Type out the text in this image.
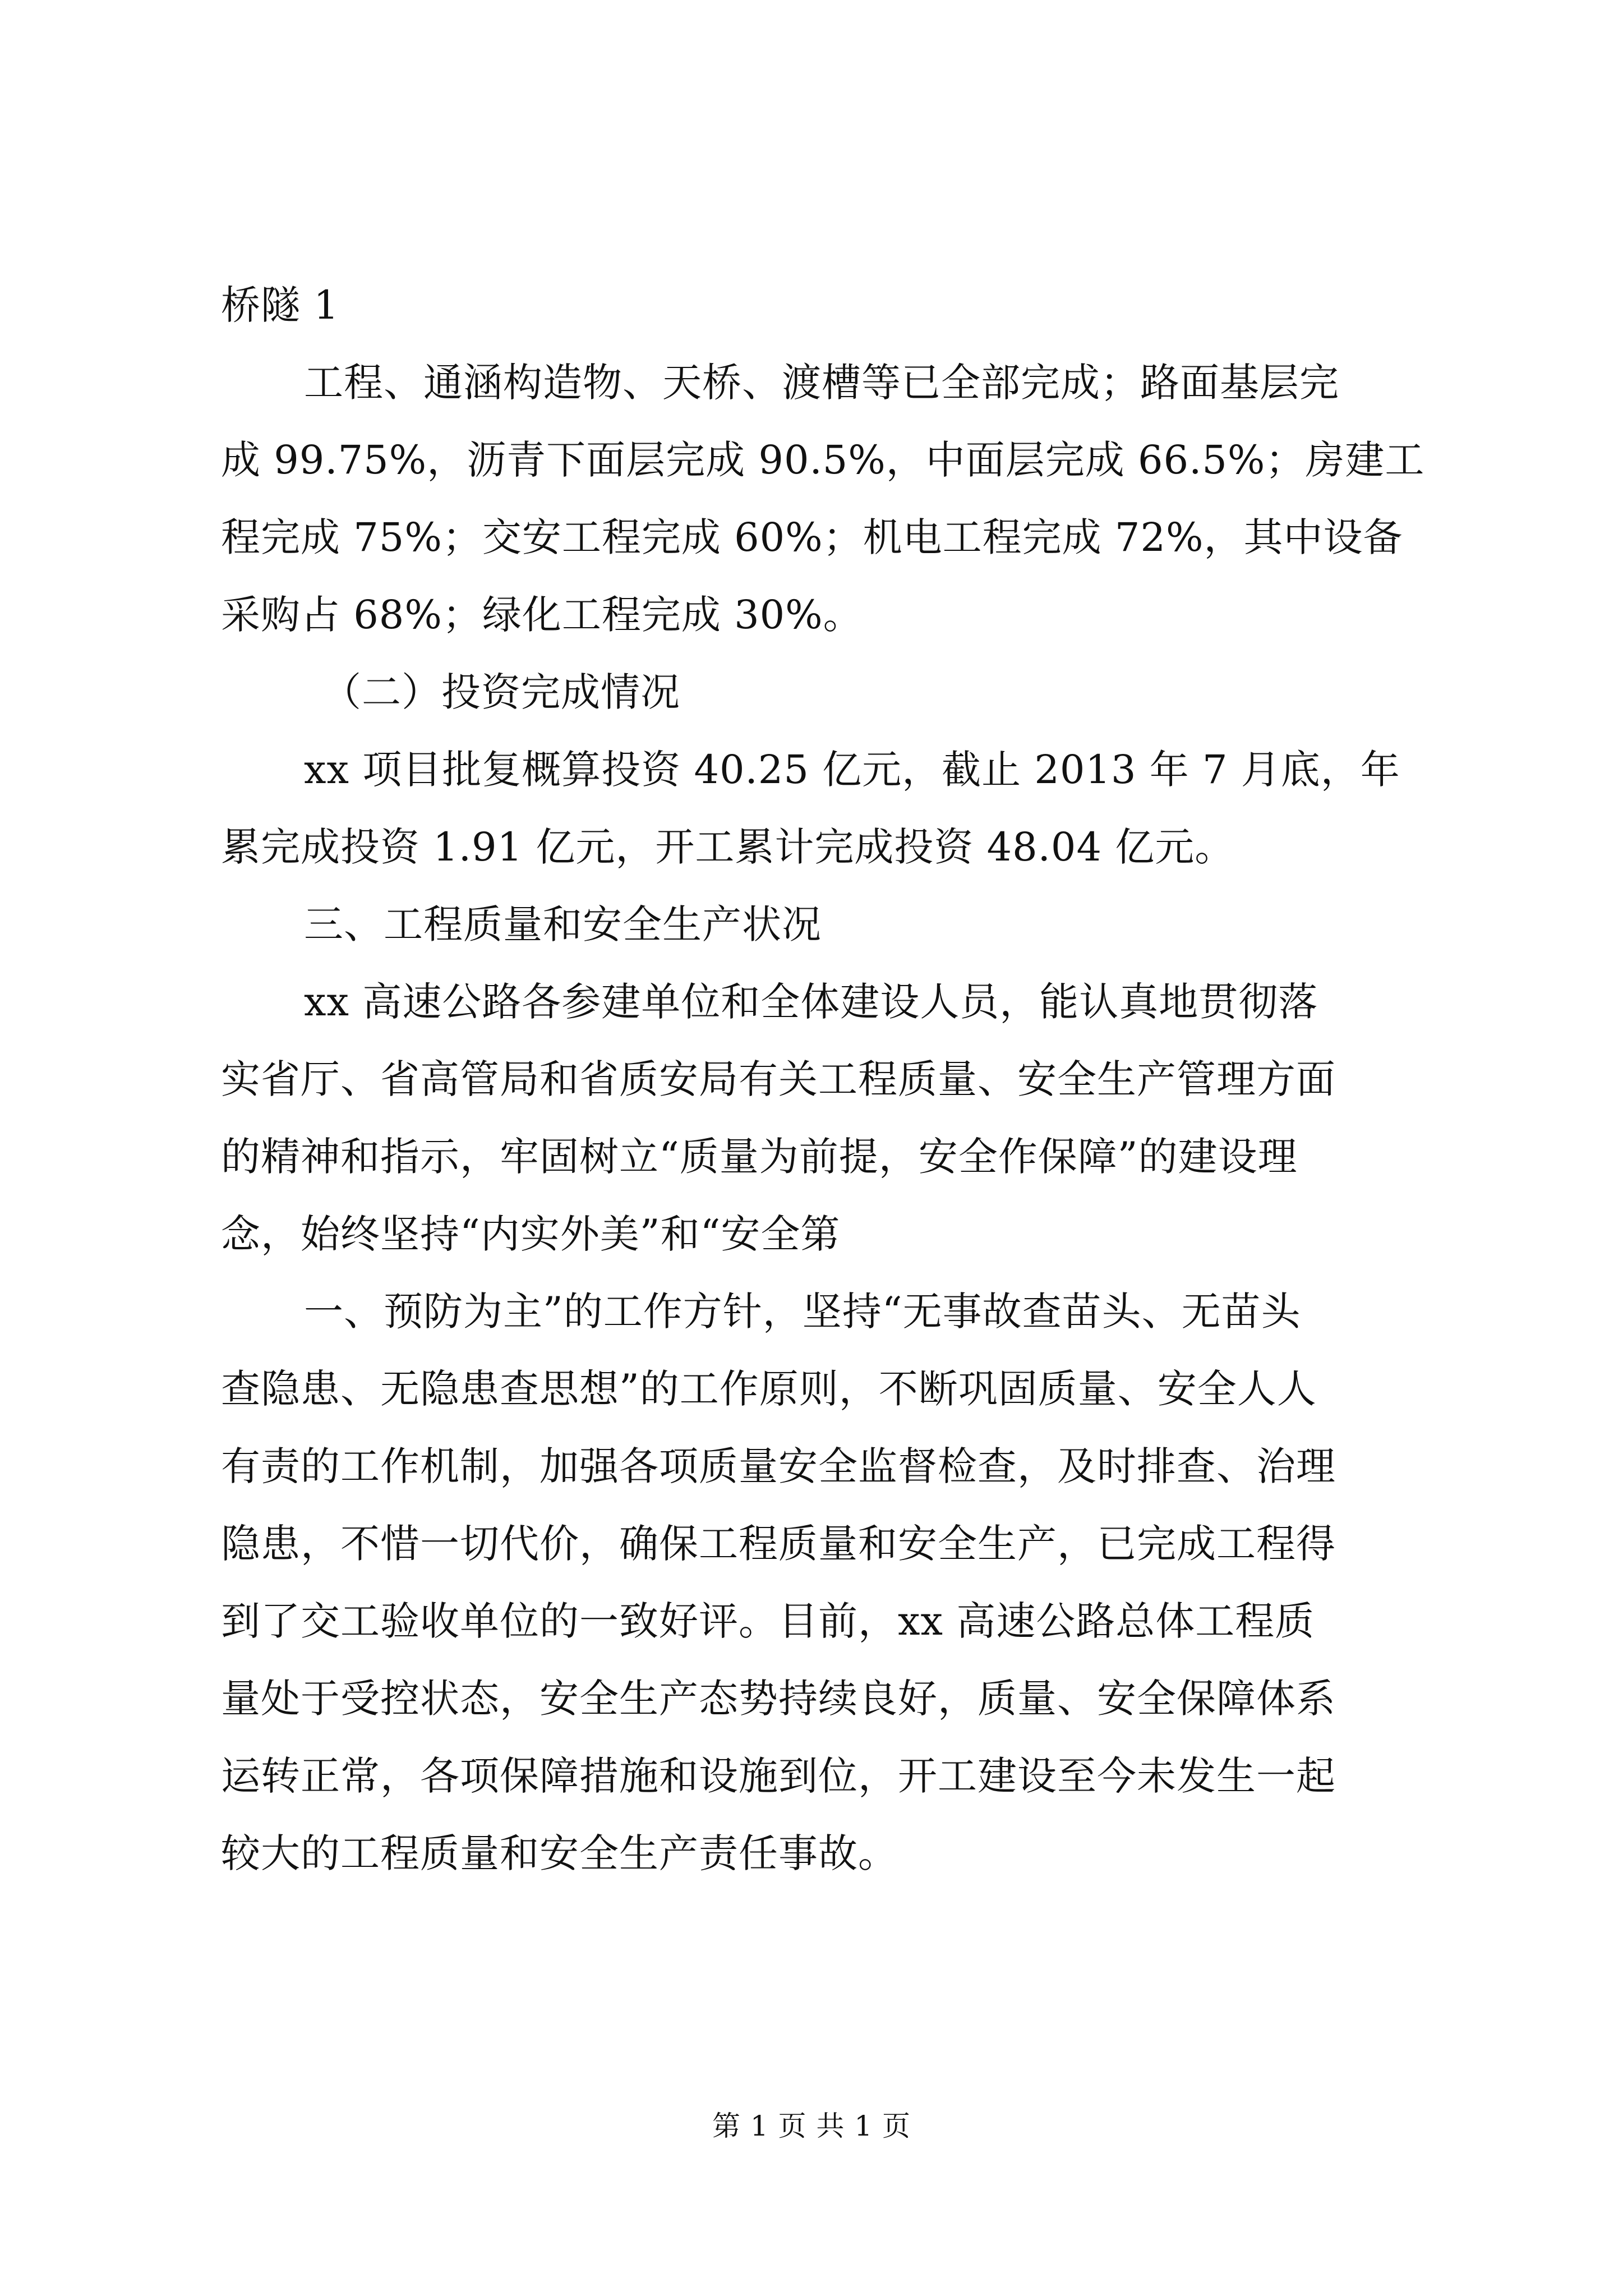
桥隧 1
工程、通涵构造物、天桥、渡槽等已全部完成；路面基层完
成 99.75%，沥青下面层完成 90.5%，中面层完成 66.5%；房建工
程完成 75%；交安工程完成 60%；机电工程完成 72%，其中设备
采购占 68%；绿化工程完成 30%。
（二）投资完成情况
xx 项目批复概算投资 40.25 亿元，截止 2013 年 7 月底，年
累完成投资 1.91 亿元，开工累计完成投资 48.04 亿元。
三、工程质量和安全生产状况
xx 高速公路各参建单位和全体建设人员，能认真地贯彻落
实省厅、省高管局和省质安局有关工程质量、安全生产管理方面
的精神和指示，牢固树立“质量为前提，安全作保障”的建设理
念，始终坚持“内实外美”和“安全第
一、预防为主”的工作方针，坚持“无事故查苗头、无苗头
查隐患、无隐患查思想”的工作原则，不断巩固质量、安全人人
有责的工作机制，加强各项质量安全监督检查，及时排查、治理
隐患，不惜一切代价，确保工程质量和安全生产，已完成工程得
到了交工验收单位的一致好评。目前，xx 高速公路总体工程质
量处于受控状态，安全生产态势持续良好，质量、安全保障体系
运转正常，各项保障措施和设施到位，开工建设至今未发生一起
较大的工程质量和安全生产责任事故。
第 1 页 共 1 页
